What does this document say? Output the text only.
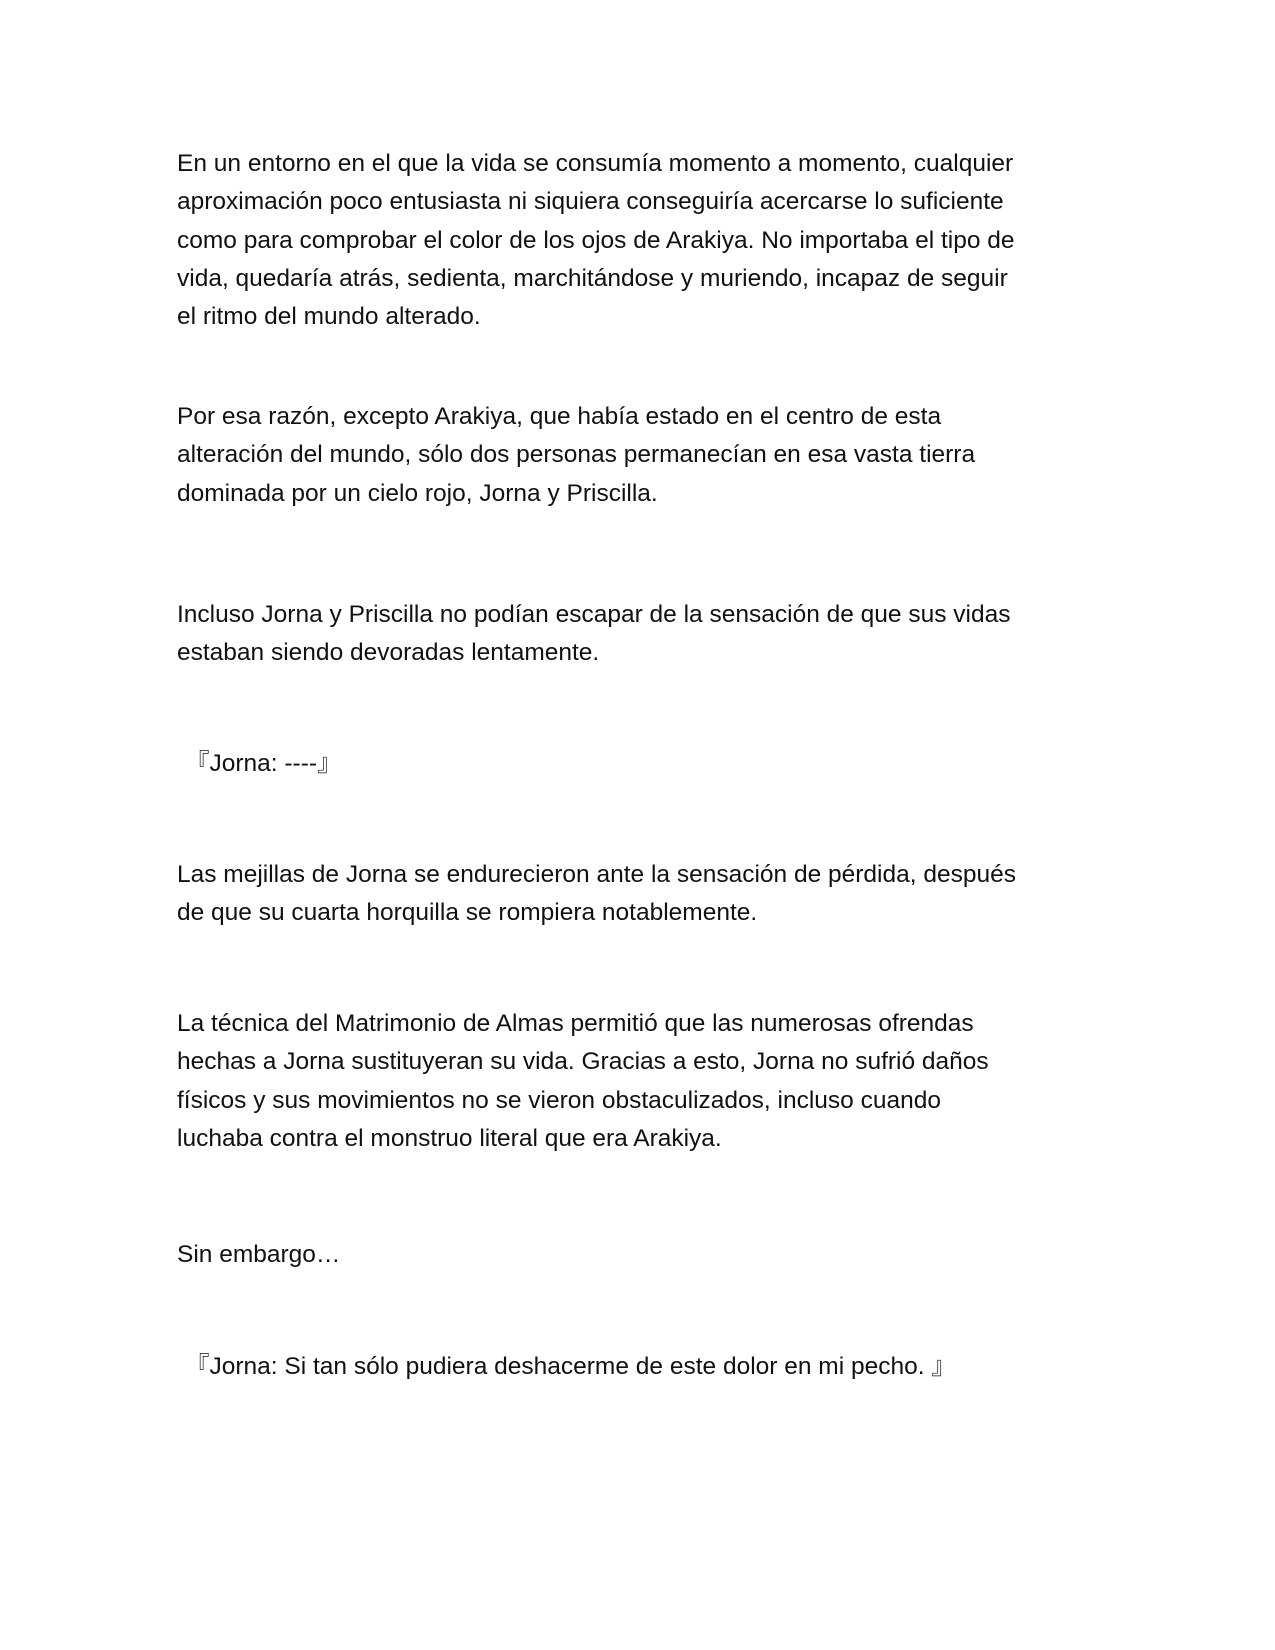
En un entorno en el que la vida se consumía momento a momento, cualquier
aproximación poco entusiasta ni siquiera conseguiría acercarse lo suficiente
como para comprobar el color de los ojos de Arakiya. No importaba el tipo de
vida, quedaría atrás, sedienta, marchitándose y muriendo, incapaz de seguir
el ritmo del mundo alterado.

Por esa razón, excepto Arakiya, que había estado en el centro de esta
alteración del mundo, sólo dos personas permanecían en esa vasta tierra
dominada por un cielo rojo, Jorna y Priscilla.

Incluso Jorna y Priscilla no podían escapar de la sensación de que sus vidas
estaban siendo devoradas lentamente.

『Jorna: ----』

Las mejillas de Jorna se endurecieron ante la sensación de pérdida, después
de que su cuarta horquilla se rompiera notablemente.

La técnica del Matrimonio de Almas permitió que las numerosas ofrendas
hechas a Jorna sustituyeran su vida. Gracias a esto, Jorna no sufrió daños
físicos y sus movimientos no se vieron obstaculizados, incluso cuando
luchaba contra el monstruo literal que era Arakiya.

Sin embargo…

『Jorna: Si tan sólo pudiera deshacerme de este dolor en mi pecho. 』
